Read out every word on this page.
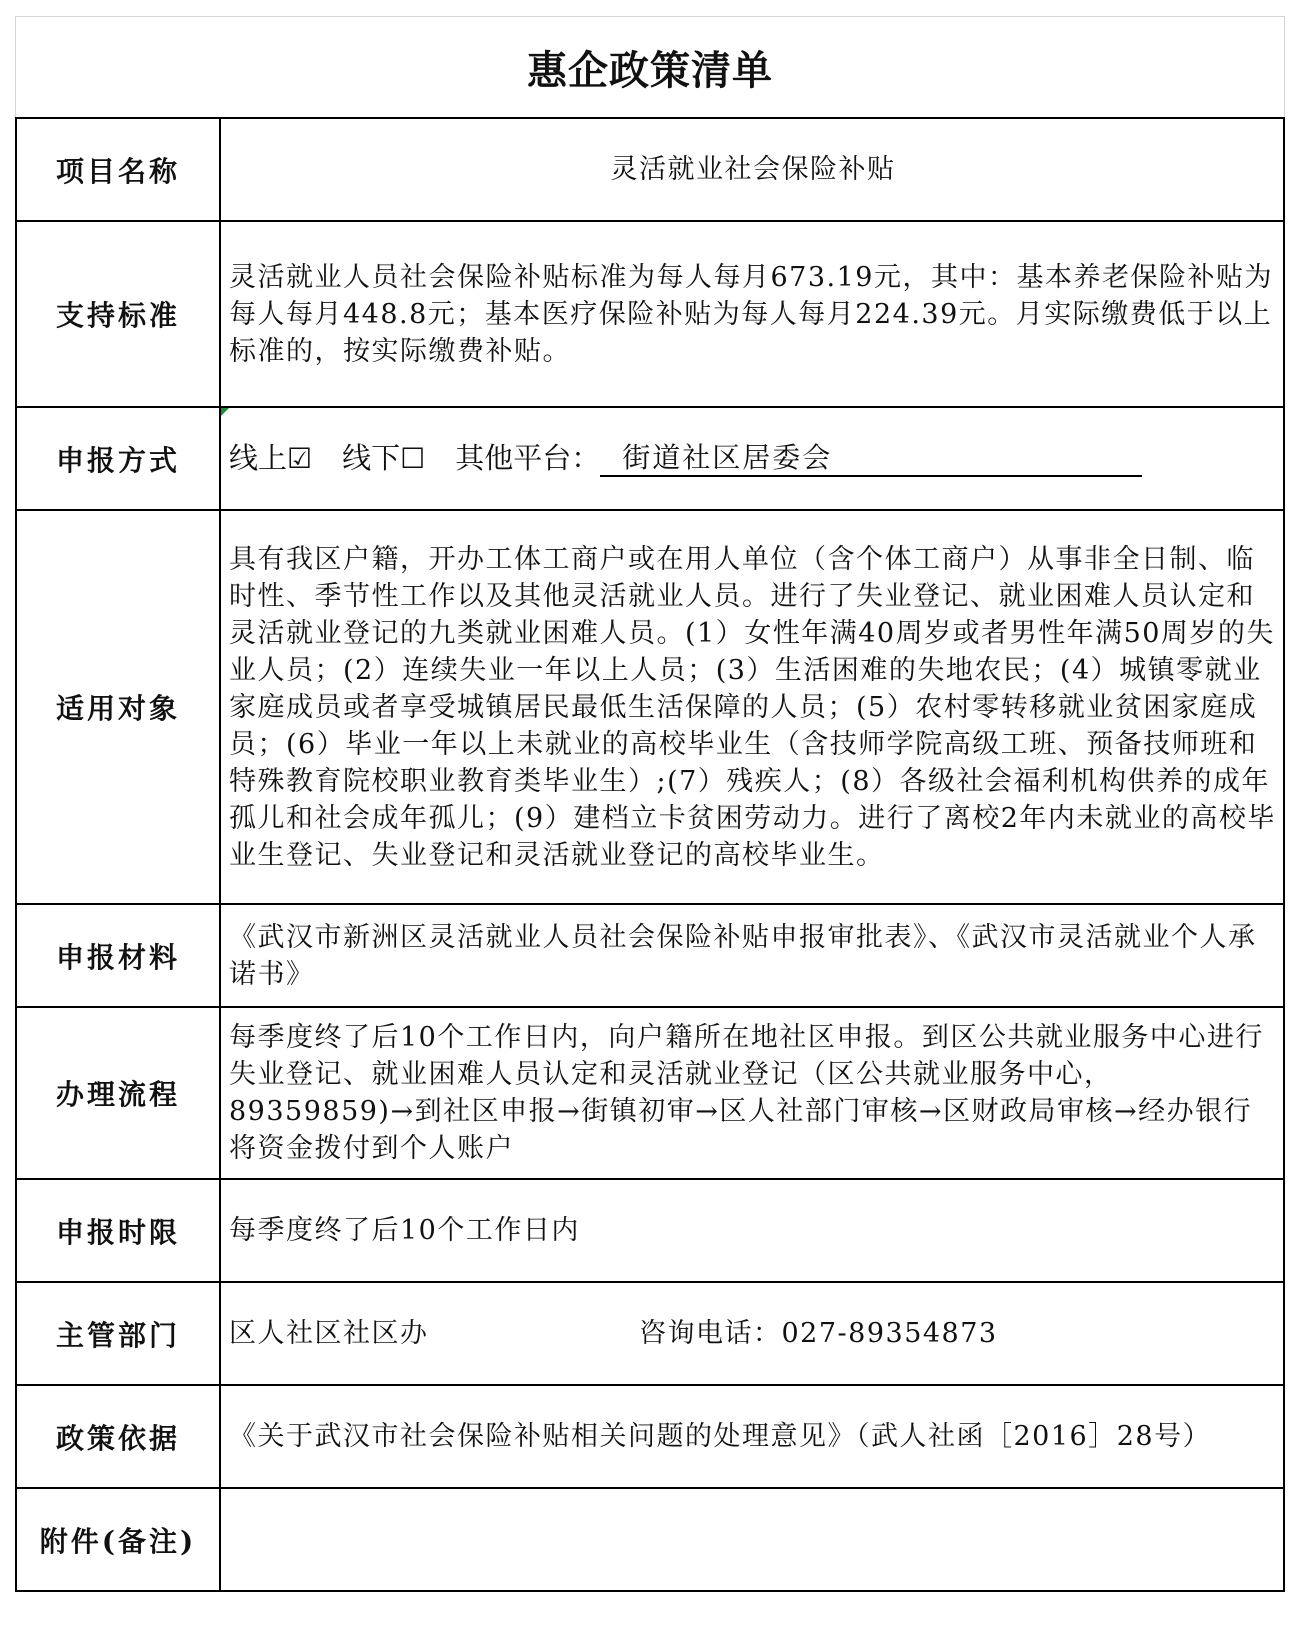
惠企政策清单
项目名称	灵活就业社会保险补贴
支持标准	灵活就业人员社会保险补贴标准为每人每月673.19元，其中：基本养老保险补贴为每人每月448.8元；基本医疗保险补贴为每人每月224.39元。月实际缴费低于以上标准的，按实际缴费补贴。
申报方式	线上☑ 线下☐ 其他平台： 街道社区居委会

适用对象	具有我区户籍，开办工体工商户或在用人单位（含个体工商户）从事非全日制、临时性、季节性工作以及其他灵活就业人员。进行了失业登记、就业困难人员认定和灵活就业登记的九类就业困难人员。(1）女性年满40周岁或者男性年满50周岁的失业人员；(2）连续失业一年以上人员；(3）生活困难的失地农民；(4）城镇零就业家庭成员或者享受城镇居民最低生活保障的人员；(5）农村零转移就业贫困家庭成员；(6）毕业一年以上未就业的高校毕业生（含技师学院高级工班、预备技师班和特殊教育院校职业教育类毕业生）;(7）残疾人；(8）各级社会福利机构供养的成年孤儿和社会成年孤儿；(9）建档立卡贫困劳动力。进行了离校2年内未就业的高校毕业生登记、失业登记和灵活就业登记的高校毕业生。
申报材料	《武汉市新洲区灵活就业人员社会保险补贴申报审批表》、《武汉市灵活就业个人承诺书》
办理流程	每季度终了后10个工作日内，向户籍所在地社区申报。到区公共就业服务中心进行失业登记、就业困难人员认定和灵活就业登记（区公共就业服务中心，89359859)→到社区申报→街镇初审→区人社部门审核→区财政局审核→经办银行将资金拨付到个人账户
申报时限	每季度终了后10个工作日内
主管部门	区人社区社区办 咨询电话： 027-89354873

政策依据	《关于武汉市社会保险补贴相关问题的处理意见》（武人社函［2016］28号）
附件(备注)	
